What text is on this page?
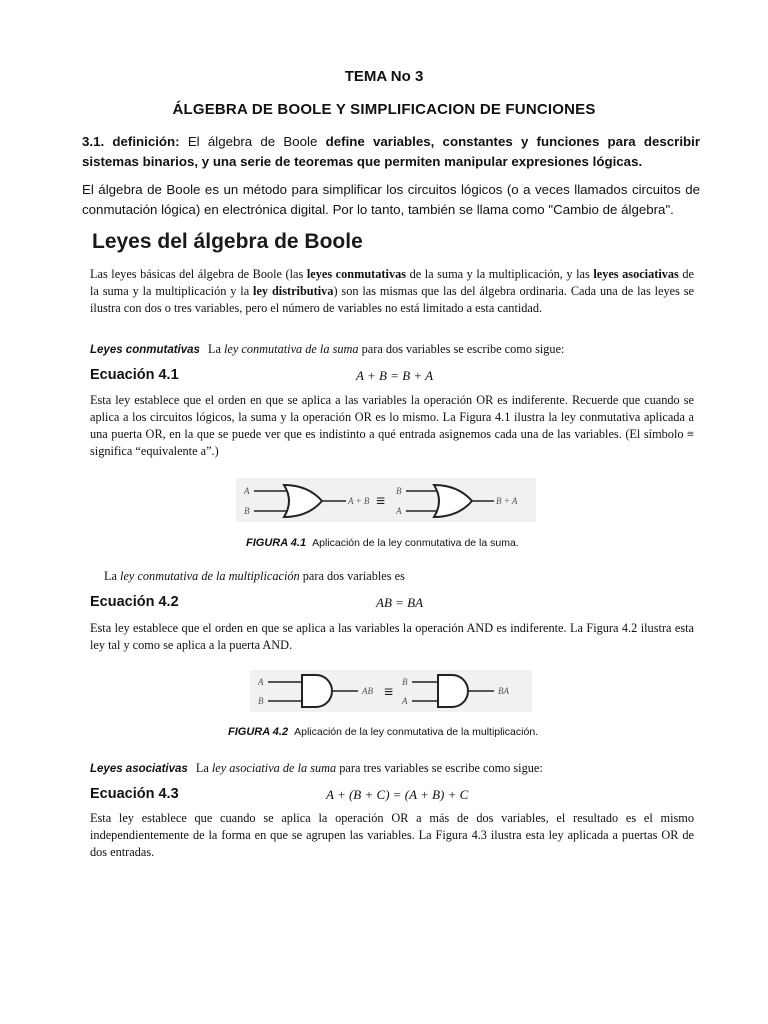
TEMA No 3
ÁLGEBRA DE BOOLE Y SIMPLIFICACION DE FUNCIONES
3.1. definición: El álgebra de Boole define variables, constantes y funciones para describir sistemas binarios, y una serie de teoremas que permiten manipular expresiones lógicas.
El álgebra de Boole es un método para simplificar los circuitos lógicos (o a veces llamados circuitos de conmutación lógica) en electrónica digital. Por lo tanto, también se llama como "Cambio de álgebra".
Leyes del álgebra de Boole
Las leyes básicas del álgebra de Boole (las leyes conmutativas de la suma y la multiplicación, y las leyes asociativas de la suma y la multiplicación y la ley distributiva) son las mismas que las del álgebra ordinaria. Cada una de las leyes se ilustra con dos o tres variables, pero el número de variables no está limitado a esta cantidad.
Leyes conmutativas La ley conmutativa de la suma para dos variables se escribe como sigue:
Ecuación 4.1	A + B = B + A
Esta ley establece que el orden en que se aplica a las variables la operación OR es indiferente. Recuerde que cuando se aplica a los circuitos lógicos, la suma y la operación OR es lo mismo. La Figura 4.1 ilustra la ley conmutativa aplicada a una puerta OR, en la que se puede ver que es indistinto a qué entrada asignemos cada una de las variables. (El símbolo ≡ significa “equivalente a”.)
A
B
A + B ≡
B
A
B + A
FIGURA 4.1 Aplicación de la ley conmutativa de la suma.
La ley conmutativa de la multiplicación para dos variables es
Ecuación 4.2	AB = BA
Esta ley establece que el orden en que se aplica a las variables la operación AND es indiferente. La Figura 4.2 ilustra esta ley tal y como se aplica a la puerta AND.
A
B
AB ≡
B
A
BA
FIGURA 4.2 Aplicación de la ley conmutativa de la multiplicación.
Leyes asociativas La ley asociativa de la suma para tres variables se escribe como sigue:
Ecuación 4.3	A + (B + C) = (A + B) + C
Esta ley establece que cuando se aplica la operación OR a más de dos variables, el resultado es el mismo independientemente de la forma en que se agrupen las variables. La Figura 4.3 ilustra esta ley aplicada a puertas OR de dos entradas.
